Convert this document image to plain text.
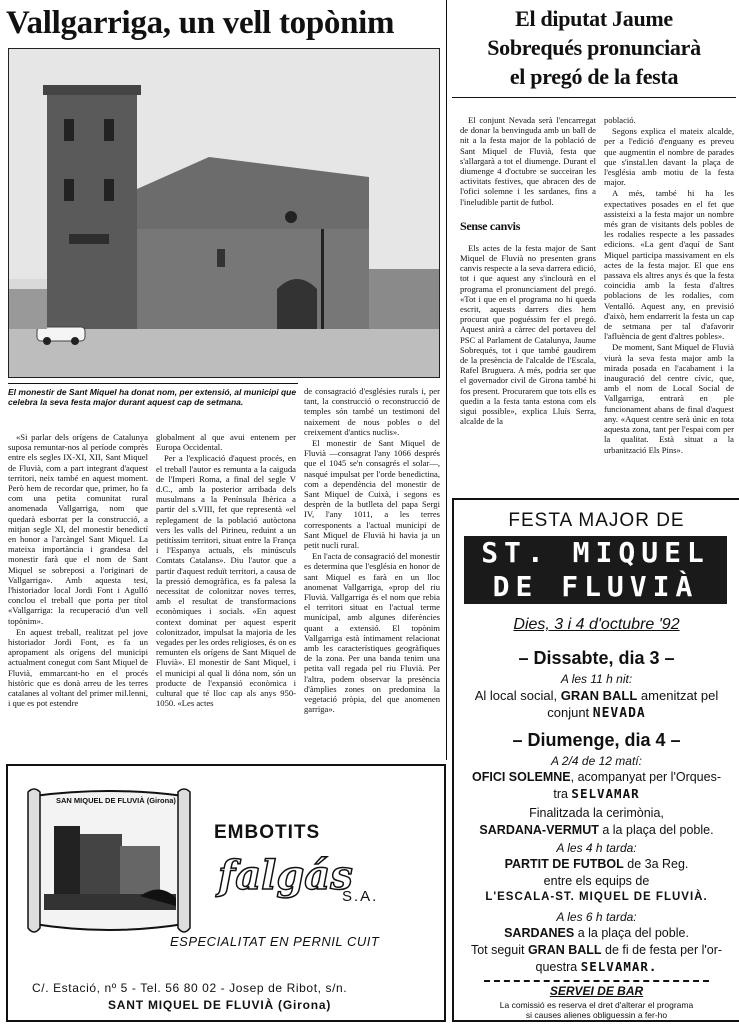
Vallgarriga, un vell topònim
El monestir de Sant Miquel ha donat nom, per extensió, al municipi que celebra la seva festa major durant aquest cap de setmana.

«Si parlar dels orígens de Catalunya suposa remuntar-nos al període comprès entre els segles IX-XI, XII, Sant Miquel de Fluvià, com a part integrant d'aquest territori, neix també en aquest moment. Però hem de recordar que, primer, ho fa com una petita comunitat rural anomenada Vallgarriga, nom que quedarà esborrat per la construcció, a mitjan segle XI, del monestir benedictí en honor a l'arcàngel Sant Miquel. La mateixa importància i grandesa del monestir farà que el nom de Sant Miquel se sobreposi a l'originari de Vallgarriga». Amb aquesta tesi, l'historiador local Jordi Font i Agulló conclou el treball que porta per títol «Vallgarriga: la recuperació d'un vell topònim».

En aquest treball, realitzat pel jove historiador Jordi Font, es fa un apropament als orígens del municipi actualment conegut com Sant Miquel de Fluvià, emmarcant-ho en el procés històric que es donà arreu de les terres catalanes al voltant del primer mil.lenni, i que es pot estendre

globalment al que avui entenem per Europa Occidental.

Per a l'explicació d'aquest procés, en el treball l'autor es remunta a la caiguda de l'Imperi Roma, a final del segle V d.C., amb la posterior arribada dels musulmans a la Península Ibèrica a partir del s.VIII, fet que representà «el replegament de la població autòctona vers les valls del Pirineu, reduint a un petitíssim territori, situat entre la França i l'Espanya actuals, els minúsculs Comtats Catalans». Diu l'autor que a partir d'aquest reduït territori, a causa de la pressió demogràfica, es fa palesa la necessitat de colonitzar noves terres, amb el resultat de transformacions econòmiques i socials. «En aquest context dominat per aquest esperit colonitzador, impulsat la majoria de les vegades per les ordes religioses, és on es remunten els orígens de Sant Miquel de Fluvià». El monestir de Sant Miquel, i el municipi al qual li dóna nom, són un producte de l'expansió econòmica i cultural que té lloc cap als anys 950-1050. «Les actes

de consagració d'esglésies rurals i, per tant, la construcció o reconstrucció de temples són també un testimoni del naixement de nous pobles o del creixement d'antics nuclis».

El monestir de Sant Miquel de Fluvià —consagrat l'any 1066 després que el 1045 se'n consagrés el solar—, nasqué impulsat per l'orde benedictina, com a dependència del monestir de Sant Miquel de Cuixà, i segons es desprèn de la butlleta del papa Sergi IV, l'any 1011, a les terres corresponents a l'actual municipi de Sant Miquel de Fluvià hi havia ja un petit nucli rural.

En l'acta de consagració del monestir es determina que l'església en honor de sant Miquel es farà en un lloc anomenat Vallgarriga, «prop del riu Fluvià. Vallgarriga és el nom que rebia el territori situat en l'actual terme municipal, amb algunes diferències quant a extensió. El topònim Vallgarriga està íntimament relacionat amb les característiques geogràfiques de la zona. Per una banda tenim una petita vall regada pel riu Fluvià. Per l'altra, podem observar la presència d'àmplies zones on predomina la vegetació pròpia, del que anomenen garriga».

El diputat Jaume
Sobrequés pronunciarà
el pregó de la festa

El conjunt Nevada serà l'encarregat de donar la benvinguda amb un ball de nit a la festa major de la població de Sant Miquel de Fluvià, festa que s'allargarà a tot el diumenge. Durant el diumenge 4 d'octubre se succeiran les activitats festives, que abracen des de l'ofici solemne i les sardanes, fins a l'ineludible partit de futbol.

Sense canvis

Els actes de la festa major de Sant Miquel de Fluvià no presenten grans canvis respecte a la seva darrera edició, tot i que aquest any s'inclourà en el programa el pronunciament del pregó. «Tot i que en el programa no hi queda escrit, aquests darrers dies hem procurat que poguéssim fer el pregó. Aquest anirà a càrrec del portaveu del PSC al Parlament de Catalunya, Jaume Sobrequés, tot i que també gaudirem de la presència de l'alcalde de l'Escala, Rafel Bruguera. A més, podria ser que el governador civil de Girona també hi fos present. Procurarem que tots ells es quedin a la festa tanta estona com els sigui possible», explica Lluís Serra, alcalde de la

població.

Segons explica el mateix alcalde, per a l'edició d'enguany es preveu que augmentin el nombre de parades que s'instal.len davant la plaça de l'església amb motiu de la festa major.

A més, també hi ha les expectatives posades en el fet que assisteixi a la festa major un nombre més gran de visitants dels pobles de les rodalies respecte a les passades edicions. «La gent d'aquí de Sant Miquel participa massivament en els actes de la festa major. El que ens passava els altres anys és que la festa coincidia amb la festa d'altres poblacions de les rodalies, com Ventalló. Aquest any, en previsió d'això, hem endarrerit la festa un cap de setmana per tal d'afavorir l'afluència de gent d'altres pobles».

De moment, Sant Miquel de Fluvià viurà la seva festa major amb la mirada posada en l'acabament i la inauguració del centre cívic, que, amb el nom de Local Social de Vallgarriga, entrarà en ple funcionament abans de final d'aquest any. «Aquest centre serà únic en tota aquesta zona, tant per l'espai com per la qualitat. Està situat a la urbanització Els Pins».

FESTA MAJOR DE
ST. MIQUEL
DE FLUVIÀ
Dies, 3 i 4 d'octubre '92
– Dissabte, dia 3 –
A les 11 h nit:
Al local social, GRAN BALL amenitzat pel
conjunt NEVADA
– Diumenge, dia 4 –
A 2/4 de 12 matí:
OFICI SOLEMNE, acompanyat per l'Orques-
tra SELVAMAR
Finalitzada la cerimònia,
SARDANA-VERMUT a la plaça del poble.
A les 4 h tarda:
PARTIT DE FUTBOL de 3a Reg.
entre els equips de
L'ESCALA-ST. MIQUEL DE FLUVIÀ.
A les 6 h tarda:
SARDANES a la plaça del poble.
Tot seguit GRAN BALL de fi de festa per l'or-
questra SELVAMAR.
SERVEI DE BAR
La comissió es reserva el dret d'alterar el programa
si causes alienes obliguessin a fer-ho
SAN MIQUEL DE FLUVIÀ (Girona)
EMBOTITS
falgás
S.A.
ESPECIALITAT EN PERNIL CUIT
C/. Estació, nº 5 - Tel. 56 80 02 - Josep de Ribot, s/n.
SANT MIQUEL DE FLUVIÀ (Girona)
